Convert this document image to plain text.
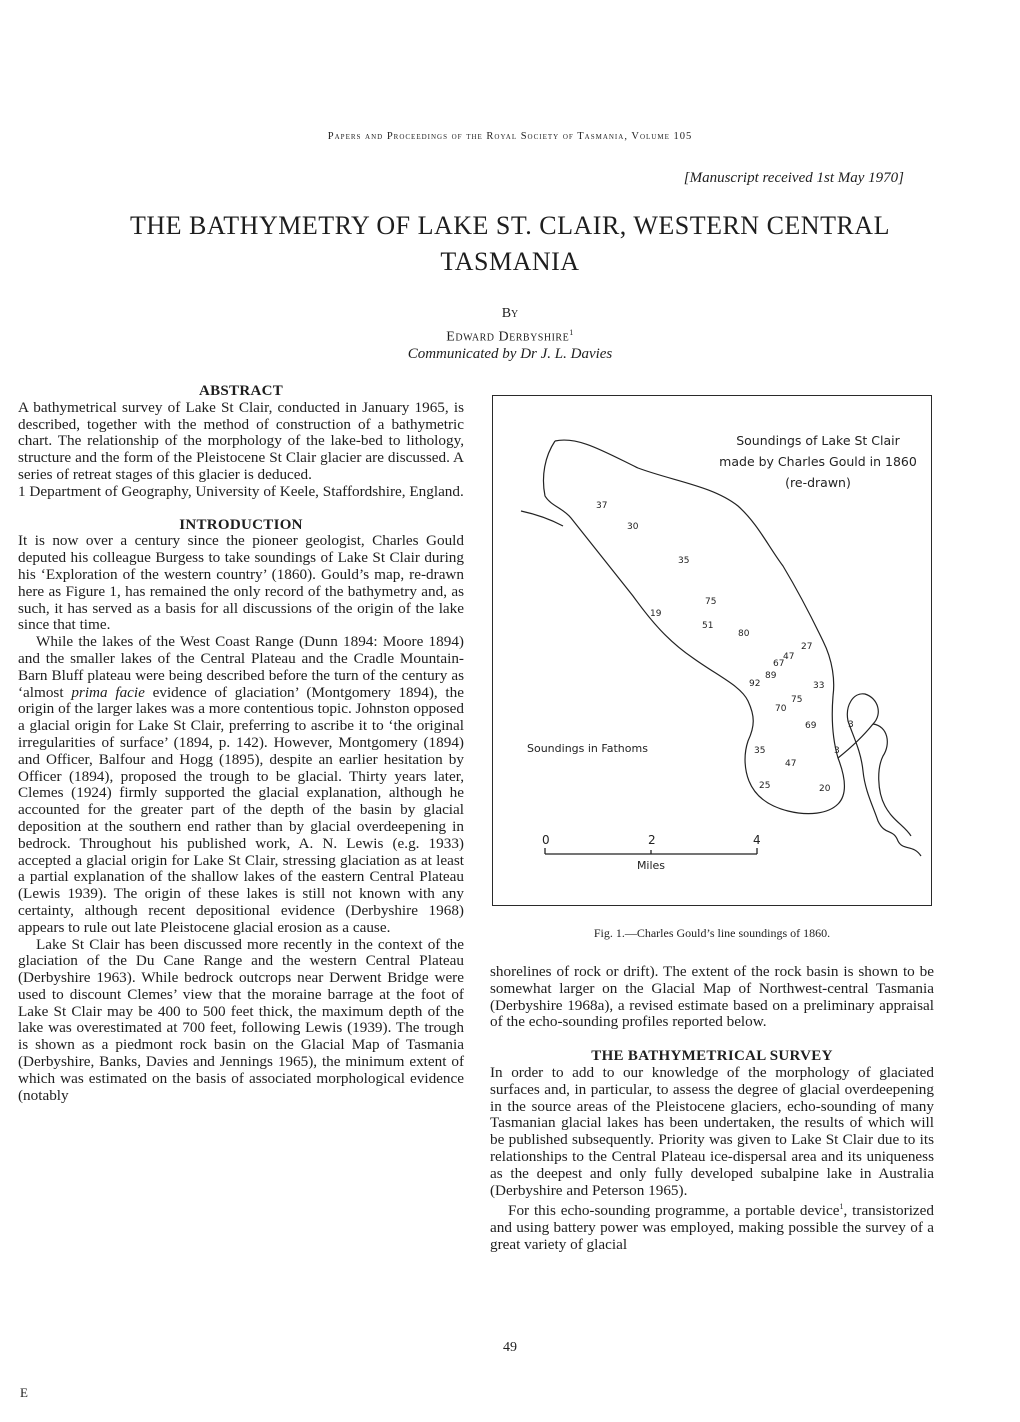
Papers and Proceedings of the Royal Society of Tasmania, Volume 105
[Manuscript received 1st May 1970]
THE BATHYMETRY OF LAKE ST. CLAIR, WESTERN CENTRAL
TASMANIA
By
Edward Derbyshire$^1$
Communicated by Dr J. L. Davies

ABSTRACT

A bathymetrical survey of Lake St Clair, conducted in January 1965, is described, together with the method of construction of a bathymetric chart. The relationship of the morphology of the lake-bed to lithology, structure and the form of the Pleistocene St Clair glacier are discussed. A series of retreat stages of this glacier is deduced.

1 Department of Geography, University of Keele, Staffordshire, England.

INTRODUCTION

It is now over a century since the pioneer geologist, Charles Gould deputed his colleague Burgess to take soundings of Lake St Clair during his ‘Exploration of the western country’ (1860). Gould’s map, re-drawn here as Figure 1, has remained the only record of the bathymetry and, as such, it has served as a basis for all discussions of the origin of the lake since that time.

While the lakes of the West Coast Range (Dunn 1894: Moore 1894) and the smaller lakes of the Central Plateau and the Cradle Mountain-Barn Bluff plateau were being described before the turn of the century as ‘almost prima facie evidence of glaciation’ (Montgomery 1894), the origin of the larger lakes was a more contentious topic. Johnston opposed a glacial origin for Lake St Clair, preferring to ascribe it to ‘the original irregularities of surface’ (1894, p. 142). However, Montgomery (1894) and Officer, Balfour and Hogg (1895), despite an earlier hesitation by Officer (1894), proposed the trough to be glacial. Thirty years later, Clemes (1924) firmly supported the glacial explanation, although he accounted for the greater part of the depth of the basin by glacial deposition at the southern end rather than by glacial overdeepening in bedrock. Throughout his published work, A. N. Lewis (e.g. 1933) accepted a glacial origin for Lake St Clair, stressing glaciation as at least a partial explanation of the shallow lakes of the eastern Central Plateau (Lewis 1939). The origin of these lakes is still not known with any certainty, although recent depositional evidence (Derbyshire 1968) appears to rule out late Pleistocene glacial erosion as a cause.

Lake St Clair has been discussed more recently in the context of the glaciation of the Du Cane Range and the western Central Plateau (Derbyshire 1963). While bedrock outcrops near Derwent Bridge were used to discount Clemes’ view that the moraine barrage at the foot of Lake St Clair may be 400 to 500 feet thick, the maximum depth of the lake was overestimated at 700 feet, following Lewis (1939). The trough is shown as a piedmont rock basin on the Glacial Map of Tasmania (Derbyshire, Banks, Davies and Jennings 1965), the minimum extent of which was estimated on the basis of associated morphological evidence (notably

Soundings of Lake St Clair
made by Charles Gould in 1860
(re-drawn)
37
30
35
75
19
51
80
27
47
67
89
92	33
75
70
69	3
35	3
47
25	20
Soundings in Fathoms
0	2	4
Miles
Fig. 1.—Charles Gould’s line soundings of 1860.

shorelines of rock or drift). The extent of the rock basin is shown to be somewhat larger on the Glacial Map of Northwest-central Tasmania (Derbyshire 1968a), a revised estimate based on a preliminary appraisal of the echo-sounding profiles reported below.

THE BATHYMETRICAL SURVEY

In order to add to our knowledge of the morphology of glaciated surfaces and, in particular, to assess the degree of glacial overdeepening in the source areas of the Pleistocene glaciers, echo-sounding of many Tasmanian glacial lakes has been undertaken, the results of which will be published subsequently. Priority was given to Lake St Clair due to its relationships to the Central Plateau ice-dispersal area and its uniqueness as the deepest and only fully developed subalpine lake in Australia (Derbyshire and Peterson 1965).

For this echo-sounding programme, a portable device$^1$, transistorized and using battery power was employed, making possible the survey of a great variety of glacial

49
E
